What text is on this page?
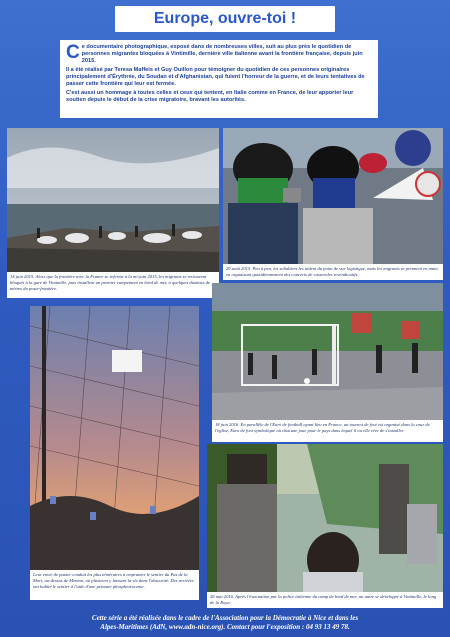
Europe, ouvre-toi !

Ce documentaire photographique, exposé dans de nombreuses villes, suit au plus près le quotidien de personnes migrantes bloquées à Vintimille, dernière ville italienne avant la frontière française, depuis juin 2015.

Il a été réalisé par Teresa Maffeis et Guy Ouillon pour témoigner du quotidien de ces personnes originaires principalement d'Érythrée, du Soudan et d'Afghanistan, qui fuient l'horreur de la guerre, et de leurs tentatives de passer cette frontière qui leur est fermée.

C'est aussi un hommage à toutes celles et ceux qui tentent, en Italie comme en France, de leur apporter leur soutien depuis le début de la crise migratoire, bravant les autorités.

14 juin 2015. Alors que la frontière avec la France se referme à la mi-juin 2015, les migrants se retrouvent bloqués à la gare de Vintimille, puis installent un premier campement en bord de mer, à quelques dizaines de mètres du poste-frontière.
29 août 2015. Peu à peu, les solidaires les aident du point de vue logistique, mais les migrants se prennent en main en organisant quotidiennement des concerts de casseroles revendicatifs.
18 juin 2016. En parallèle de l'Euro de football ayant lieu en France, un tournoi de foot est organisé dans la cour de l'église, Euro de foot symbolique où chacune joue pour le pays dans lequel il ou elle rêve de s'installer.
Leur envie de passer conduit les plus téméraires à emprunter le sentier du Pas de la Mort, au-dessus de Menton, où plusieurs y laissent la vie dans l'obscurité. Des arrivées ont habité le sentier à l'aide d'une peinture phosphorescente.
26 mai 2016. Après l'évacuation par la police italienne du camp de bord de mer, un autre se développe à Vintimille, le long de la Roya.
Cette série a été réalisée dans le cadre de l'Association pour la Démocratie à Nice et dans les
Alpes-Maritimes (AdN, www.adn-nice.org). Contact pour l'exposition : 04 93 13 49 78.
